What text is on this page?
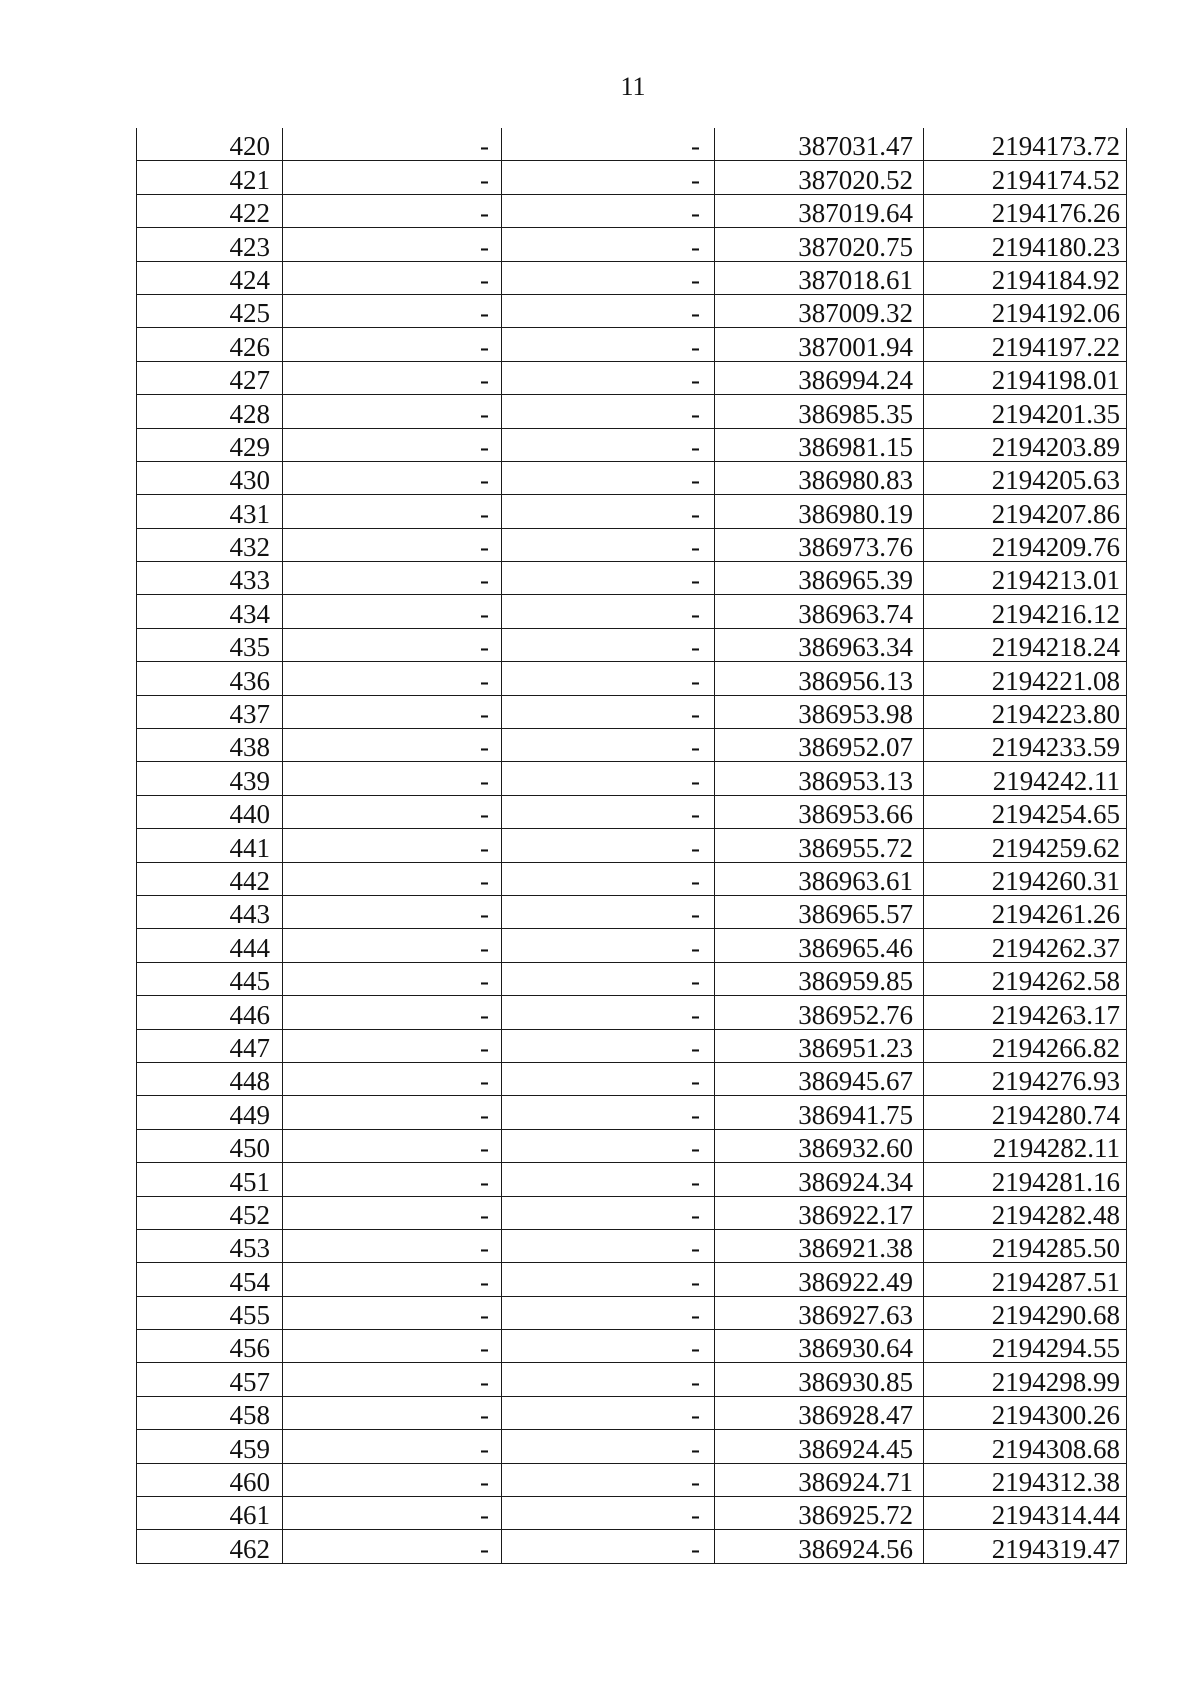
11
420	-	-	387031.47	2194173.72
421	-	-	387020.52	2194174.52
422	-	-	387019.64	2194176.26
423	-	-	387020.75	2194180.23
424	-	-	387018.61	2194184.92
425	-	-	387009.32	2194192.06
426	-	-	387001.94	2194197.22
427	-	-	386994.24	2194198.01
428	-	-	386985.35	2194201.35
429	-	-	386981.15	2194203.89
430	-	-	386980.83	2194205.63
431	-	-	386980.19	2194207.86
432	-	-	386973.76	2194209.76
433	-	-	386965.39	2194213.01
434	-	-	386963.74	2194216.12
435	-	-	386963.34	2194218.24
436	-	-	386956.13	2194221.08
437	-	-	386953.98	2194223.80
438	-	-	386952.07	2194233.59
439	-	-	386953.13	2194242.11
440	-	-	386953.66	2194254.65
441	-	-	386955.72	2194259.62
442	-	-	386963.61	2194260.31
443	-	-	386965.57	2194261.26
444	-	-	386965.46	2194262.37
445	-	-	386959.85	2194262.58
446	-	-	386952.76	2194263.17
447	-	-	386951.23	2194266.82
448	-	-	386945.67	2194276.93
449	-	-	386941.75	2194280.74
450	-	-	386932.60	2194282.11
451	-	-	386924.34	2194281.16
452	-	-	386922.17	2194282.48
453	-	-	386921.38	2194285.50
454	-	-	386922.49	2194287.51
455	-	-	386927.63	2194290.68
456	-	-	386930.64	2194294.55
457	-	-	386930.85	2194298.99
458	-	-	386928.47	2194300.26
459	-	-	386924.45	2194308.68
460	-	-	386924.71	2194312.38
461	-	-	386925.72	2194314.44
462	-	-	386924.56	2194319.47
